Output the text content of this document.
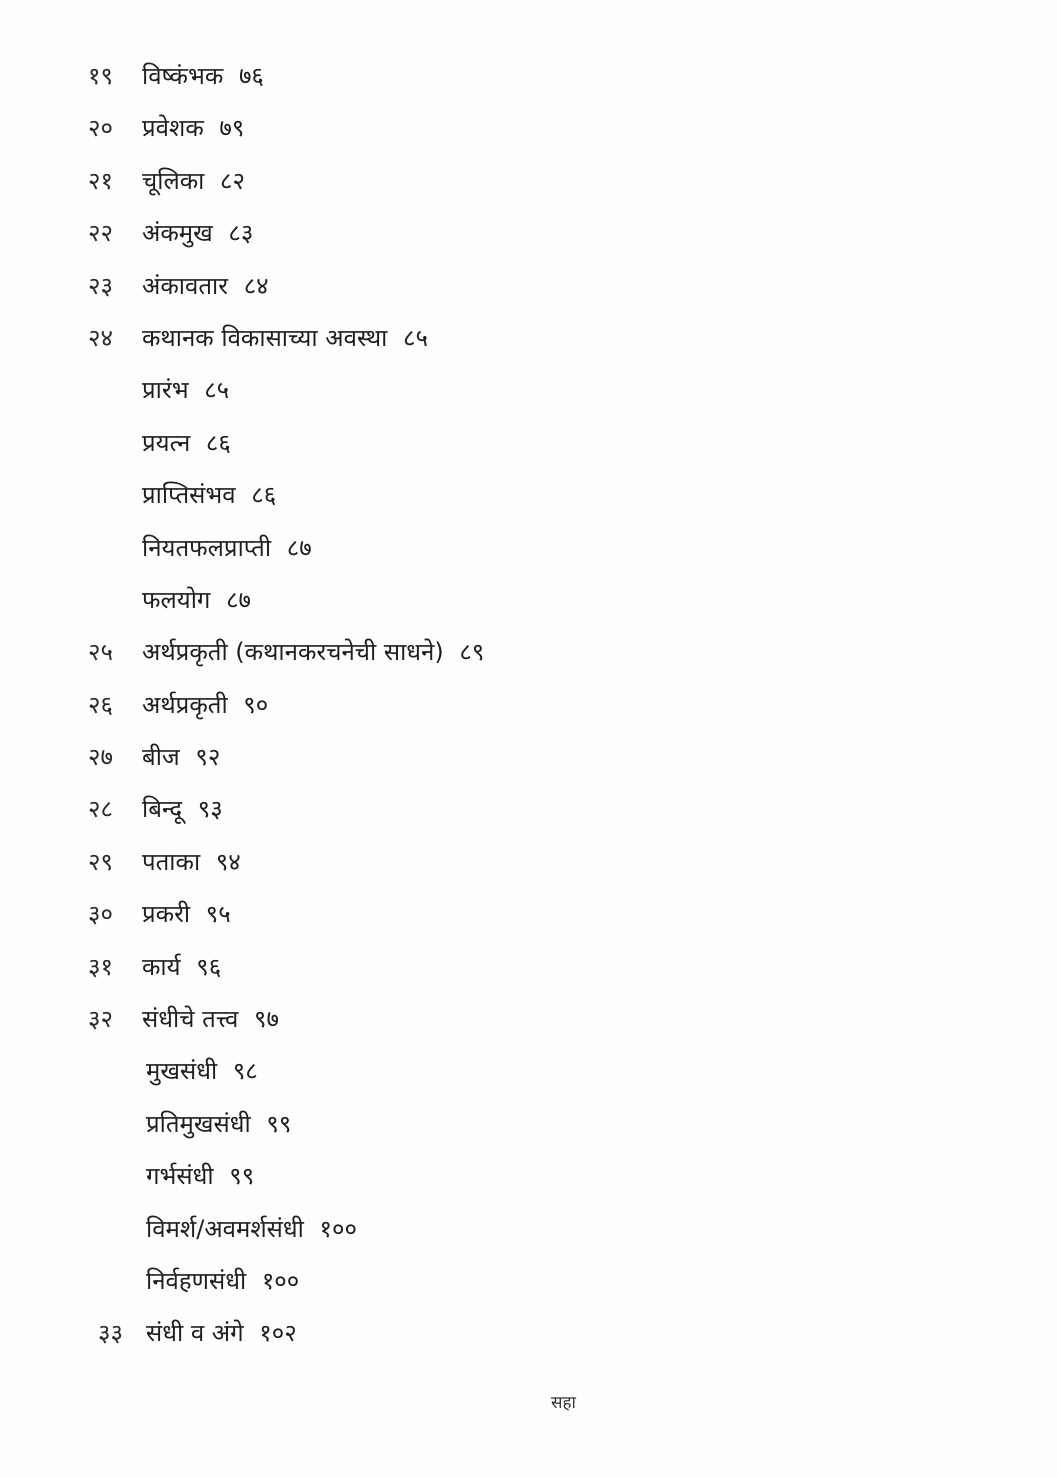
१९	विष्कंभक ७६
२०	प्रवेशक ७९
२१	चूलिका ८२
२२	अंकमुख ८३
२३	अंकावतार ८४
२४	कथानक विकासाच्या अवस्था ८५
प्रारंभ ८५
प्रयत्न ८६
प्राप्तिसंभव ८६
नियतफलप्राप्ती ८७
फलयोग ८७
२५	अर्थप्रकृती (कथानकरचनेची साधने) ८९
२६	अर्थप्रकृती ९०
२७	बीज ९२
२८	बिन्दू ९३
२९	पताका ९४
३०	प्रकरी ९५
३१	कार्य ९६
३२	संधीचे तत्त्व ९७
मुखसंधी ९८
प्रतिमुखसंधी ९९
गर्भसंधी ९९
विमर्श/अवमर्शसंधी १००
निर्वहणसंधी १००
३३ संधी व अंगे १०२
सहा
